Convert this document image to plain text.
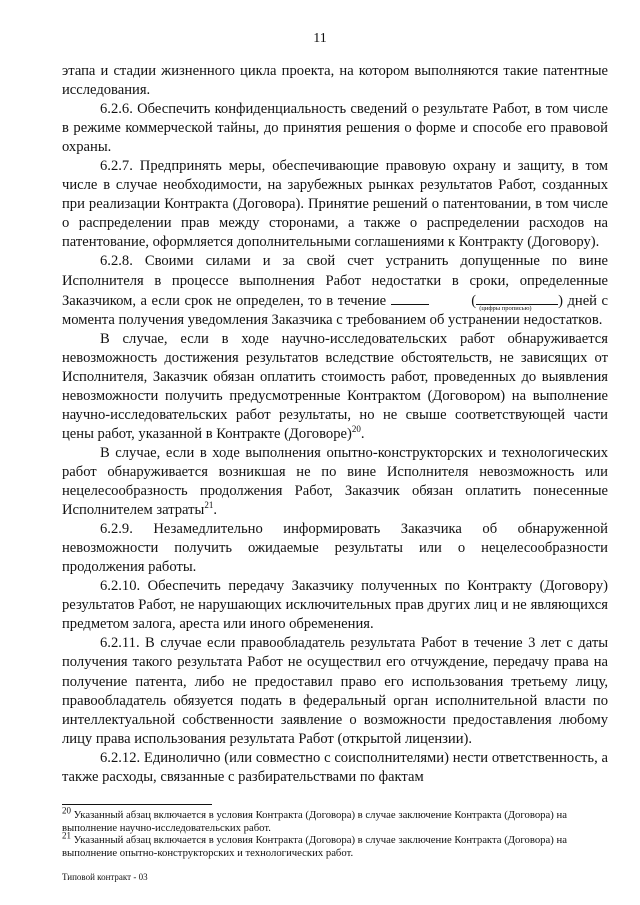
11

этапа и стадии жизненного цикла проекта, на котором выполняются такие патентные исследования.

6.2.6. Обеспечить конфиденциальность сведений о результате Работ, в том числе в режиме коммерческой тайны, до принятия решения о форме и способе его правовой охраны.

6.2.7. Предпринять меры, обеспечивающие правовую охрану и защиту, в том числе в случае необходимости, на зарубежных рынках результатов Работ, созданных при реализации Контракта (Договора). Принятие решений о патентовании, в том числе о распределении прав между сторонами, а также о распределении расходов на патентование, оформляется дополнительными соглашениями к Контракту (Договору).

6.2.8. Своими силами и за свой счет устранить допущенные по вине Исполнителя в процессе выполнения Работ недостатки в сроки, определенные Заказчиком, а если срок не определен, то в течение	( (цифры прописью) ) дней с момента получения уведомления Заказчика с требованием об устранении недостатков.

В случае, если в ходе научно-исследовательских работ обнаруживается невозможность достижения результатов вследствие обстоятельств, не зависящих от Исполнителя, Заказчик обязан оплатить стоимость работ, проведенных до выявления невозможности получить предусмотренные Контрактом (Договором) на выполнение научно-исследовательских работ результаты, но не свыше соответствующей части цены работ, указанной в Контракте (Договоре)$^{20}$.

В случае, если в ходе выполнения опытно-конструкторских и технологических работ обнаруживается возникшая не по вине Исполнителя невозможность или нецелесообразность продолжения Работ, Заказчик обязан оплатить понесенные Исполнителем затраты$^{21}$.

6.2.9. Незамедлительно информировать Заказчика об обнаруженной невозможности получить ожидаемые результаты или о нецелесообразности продолжения работы.

6.2.10. Обеспечить передачу Заказчику полученных по Контракту (Договору) результатов Работ, не нарушающих исключительных прав других лиц и не являющихся предметом залога, ареста или иного обременения.

6.2.11. В случае если правообладатель результата Работ в течение 3 лет с даты получения такого результата Работ не осуществил его отчуждение, передачу права на получение патента, либо не предоставил право его использования третьему лицу, правообладатель обязуется подать в федеральный орган исполнительной власти по интеллектуальной собственности заявление о возможности предоставления любому лицу права использования результата Работ (открытой лицензии).

6.2.12. Единолично (или совместно с соисполнителями) нести ответственность, а также расходы, связанные с разбирательствами по фактам

$^{20}$ Указанный абзац включается в условия Контракта (Договора) в случае заключение Контракта (Договора) на выполнение научно-исследовательских работ.

$^{21}$ Указанный абзац включается в условия Контракта (Договора) в случае заключение Контракта (Договора) на выполнение опытно-конструкторских и технологических работ.

Типовой контракт - 03
